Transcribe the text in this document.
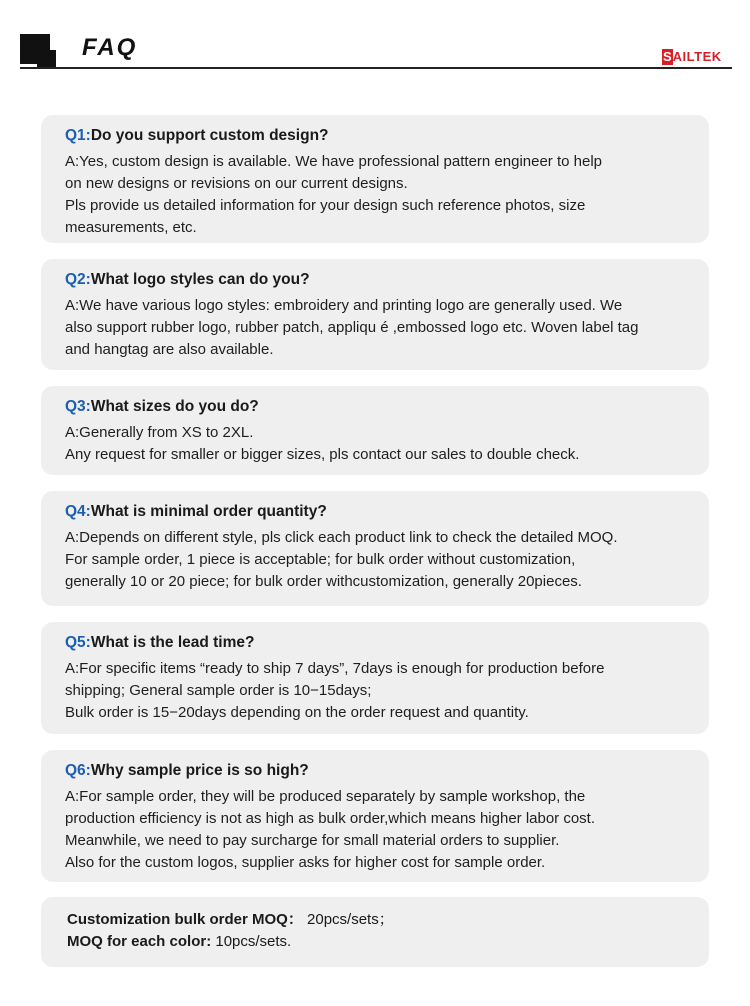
FAQ	S AILTEK

Q1:Do you support custom design?

A:Yes, custom design is available. We have professional pattern engineer to help
on new designs or revisions on our current designs.
Pls provide us detailed information for your design such reference photos, size
measurements, etc.

Q2:What logo styles can do you?

A:We have various logo styles: embroidery and printing logo are generally used. We
also support rubber logo, rubber patch, appliqu é ,embossed logo etc. Woven label tag
and hangtag are also available.

Q3:What sizes do you do?

A:Generally from XS to 2XL.
Any request for smaller or bigger sizes, pls contact our sales to double check.

Q4:What is minimal order quantity?

A:Depends on different style, pls click each product link to check the detailed MOQ.
For sample order, 1 piece is acceptable; for bulk order without customization,
generally 10 or 20 piece; for bulk order withcustomization, generally 20pieces.

Q5:What is the lead time?

A:For specific items “ready to ship 7 days”, 7days is enough for production before
shipping; General sample order is 10−15days;
Bulk order is 15−20days depending on the order request and quantity.

Q6:Why sample price is so high?

A:For sample order, they will be produced separately by sample workshop, the
production efficiency is not as high as bulk order,which means higher labor cost.
Meanwhile, we need to pay surcharge for small material orders to supplier.
Also for the custom logos, supplier asks for higher cost for sample order.

Customization bulk order MOQ： 20pcs/sets；

MOQ for each color: 10pcs/sets.
